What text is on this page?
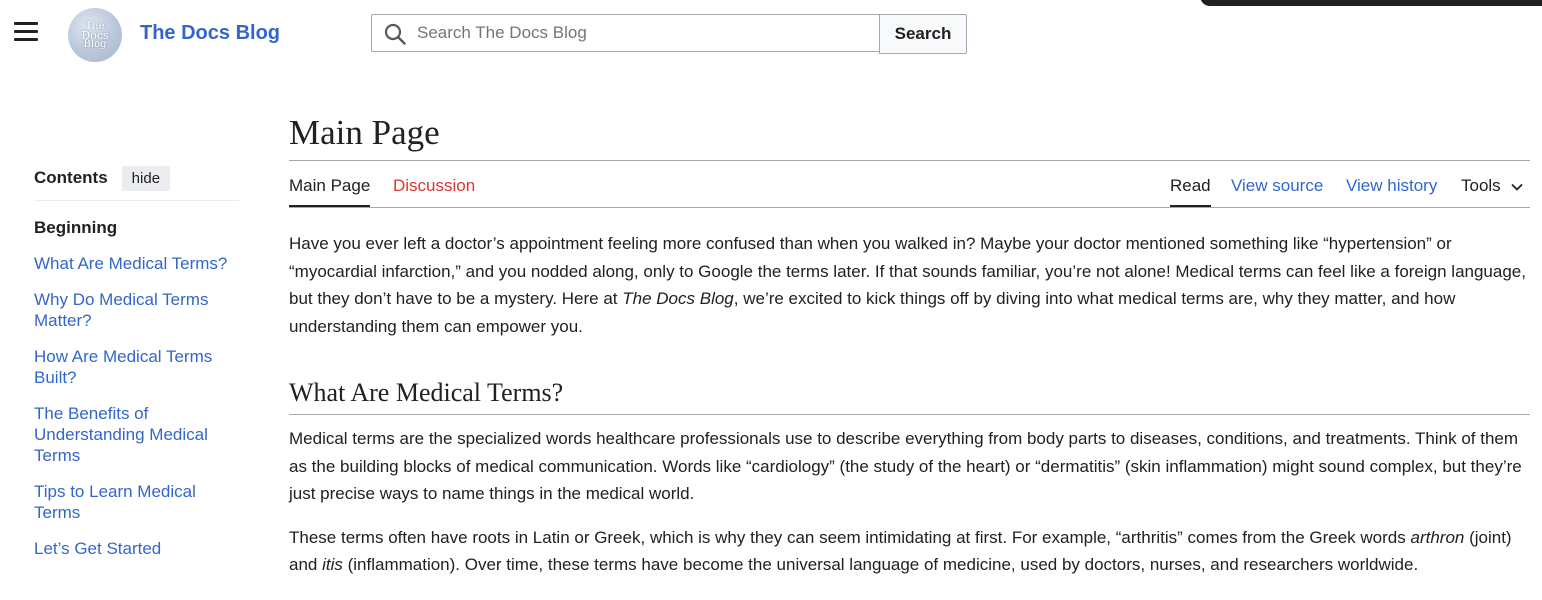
The
Docs
Blog The Docs Blog
Search The Docs Blog	Search
Contents	hide
Beginning
What Are Medical Terms?
Why Do Medical Terms Matter?
How Are Medical Terms Built?
The Benefits of Understanding Medical Terms
Tips to Learn Medical Terms
Let’s Get Started
Main Page
Main Page Discussion	Read View source View history Tools

Have you ever left a doctor’s appointment feeling more confused than when you walked in? Maybe your doctor mentioned something like “hypertension” or “myocardial infarction,” and you nodded along, only to Google the terms later. If that sounds familiar, you’re not alone! Medical terms can feel like a foreign language, but they don’t have to be a mystery. Here at The Docs Blog, we’re excited to kick things off by diving into what medical terms are, why they matter, and how understanding them can empower you.

What Are Medical Terms?

Medical terms are the specialized words healthcare professionals use to describe everything from body parts to diseases, conditions, and treatments. Think of them as the building blocks of medical communication. Words like “cardiology” (the study of the heart) or “dermatitis” (skin inflammation) might sound complex, but they’re just precise ways to name things in the medical world.

These terms often have roots in Latin or Greek, which is why they can seem intimidating at first. For example, “arthritis” comes from the Greek words arthron (joint) and itis (inflammation). Over time, these terms have become the universal language of medicine, used by doctors, nurses, and researchers worldwide.
